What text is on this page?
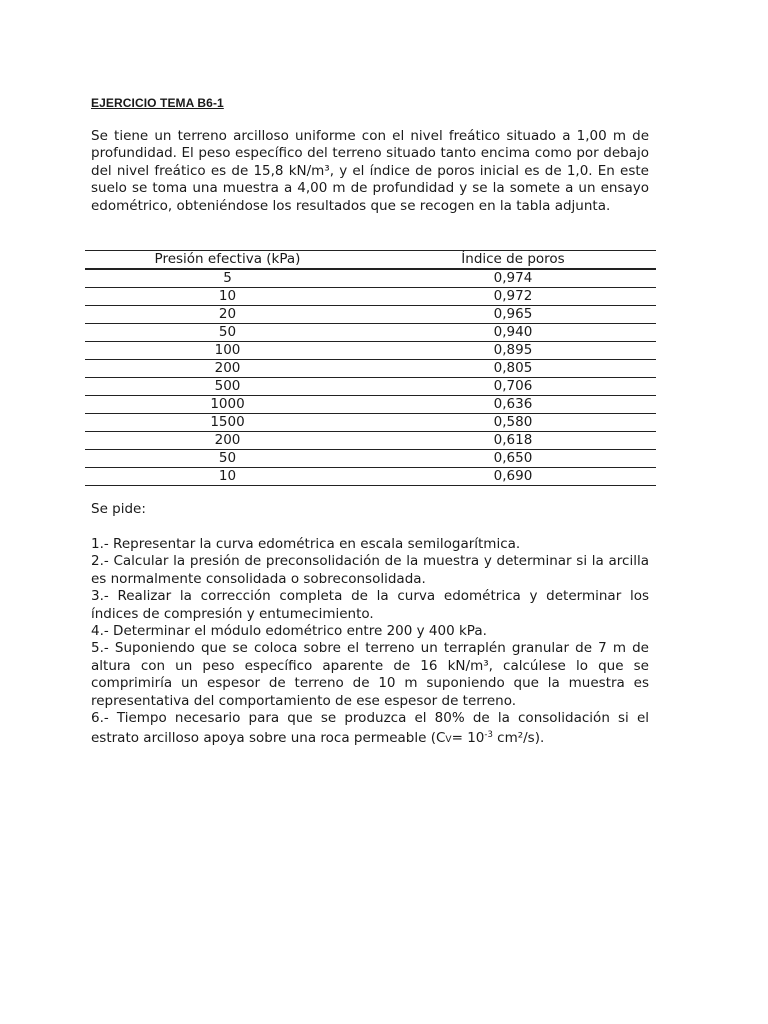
EJERCICIO TEMA B6-1
Se tiene un terreno arcilloso uniforme con el nivel freático situado a 1,00 m de profundidad. El peso específico del terreno situado tanto encima como por debajo del nivel freático es de 15,8 kN/m³, y el índice de poros inicial es de 1,0. En este suelo se toma una muestra a 4,00 m de profundidad y se la somete a un ensayo edométrico, obteniéndose los resultados que se recogen en la tabla adjunta.
Presión efectiva (kPa)	Índice de poros
5	0,974
10	0,972
20	0,965
50	0,940
100	0,895
200	0,805
500	0,706
1000	0,636
1500	0,580
200	0,618
50	0,650
10	0,690
Se pide:
1.- Representar la curva edométrica en escala semilogarítmica.
2.- Calcular la presión de preconsolidación de la muestra y determinar si la arcilla es normalmente consolidada o sobreconsolidada.
3.- Realizar la corrección completa de la curva edométrica y determinar los índices de compresión y entumecimiento.
4.- Determinar el módulo edométrico entre 200 y 400 kPa.
5.- Suponiendo que se coloca sobre el terreno un terraplén granular de 7 m de altura con un peso específico aparente de 16 kN/m³, calcúlese lo que se comprimiría un espesor de terreno de 10 m suponiendo que la muestra es representativa del comportamiento de ese espesor de terreno.
6.- Tiempo necesario para que se produzca el 80% de la consolidación si el estrato arcilloso apoya sobre una roca permeable ($CV= 10^{-3}$ cm²/s).
